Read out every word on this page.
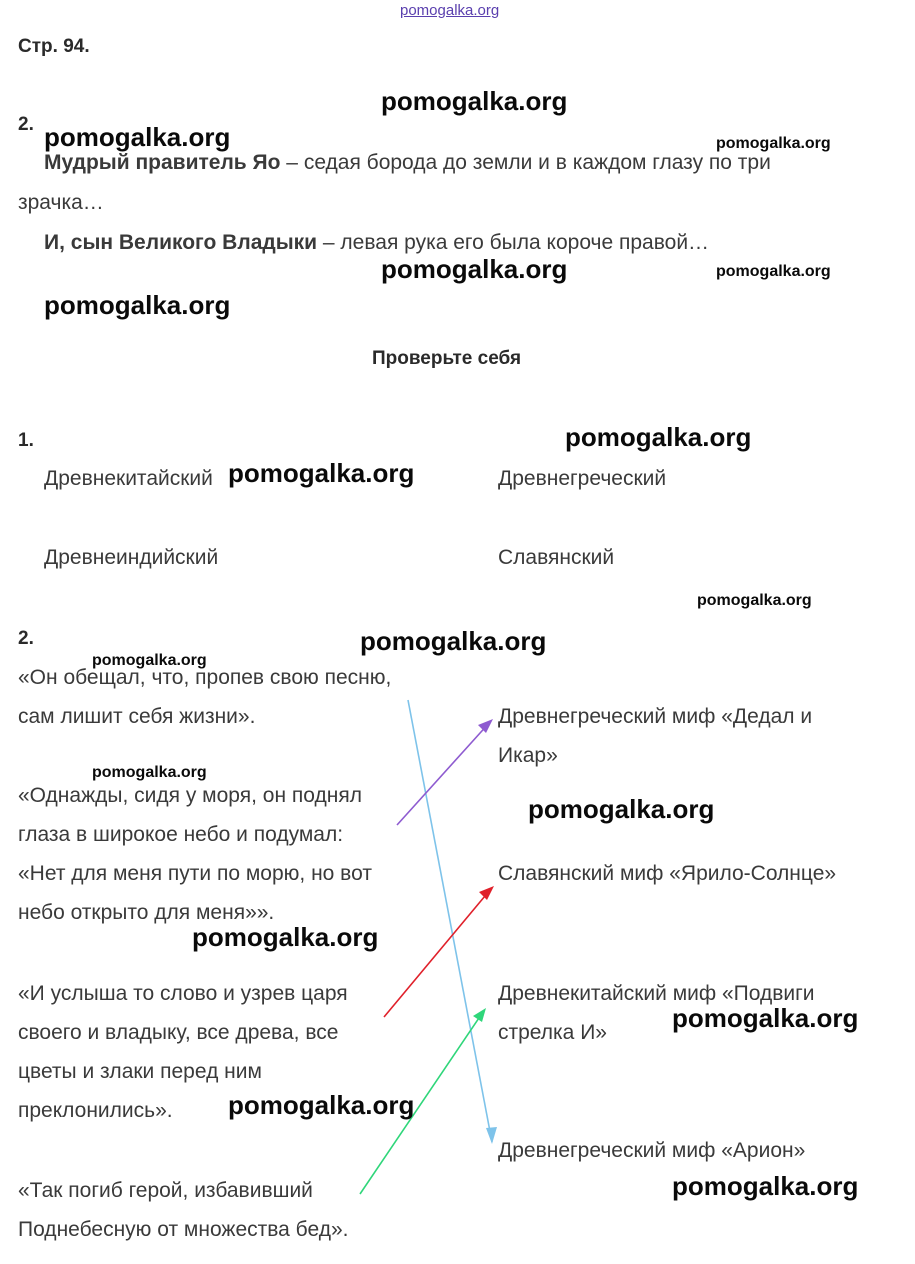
pomogalka.org
Стр. 94.
2.
Мудрый правитель Яо – седая борода до земли и в каждом глазу по три
зрачка…
И, сын Великого Владыки – левая рука его была короче правой…
Проверьте себя
1.
Древнекитайский	Древнегреческий
Древнеиндийский	Славянский
2.
«Он обещал, что, пропев свою песню,
сам лишит себя жизни».
«Однажды, сидя у моря, он поднял
глаза в широкое небо и подумал:
«Нет для меня пути по морю, но вот
небо открыто для меня»».
«И услыша то слово и узрев царя
своего и владыку, все древа, все
цветы и злаки перед ним
преклонились».
«Так погиб герой, избавивший
Поднебесную от множества бед».
Древнегреческий миф «Дедал и
Икар»
Славянский миф «Ярило-Солнце»
Древнекитайский миф «Подвиги
стрелка И»
Древнегреческий миф «Арион»
pomogalka.org
pomogalka.org	pomogalka.org
pomogalka.org	pomogalka.org
pomogalka.org
pomogalka.org
pomogalka.org
pomogalka.org
pomogalka.org
pomogalka.org
pomogalka.org
pomogalka.org
pomogalka.org
pomogalka.org
pomogalka.org
pomogalka.org
